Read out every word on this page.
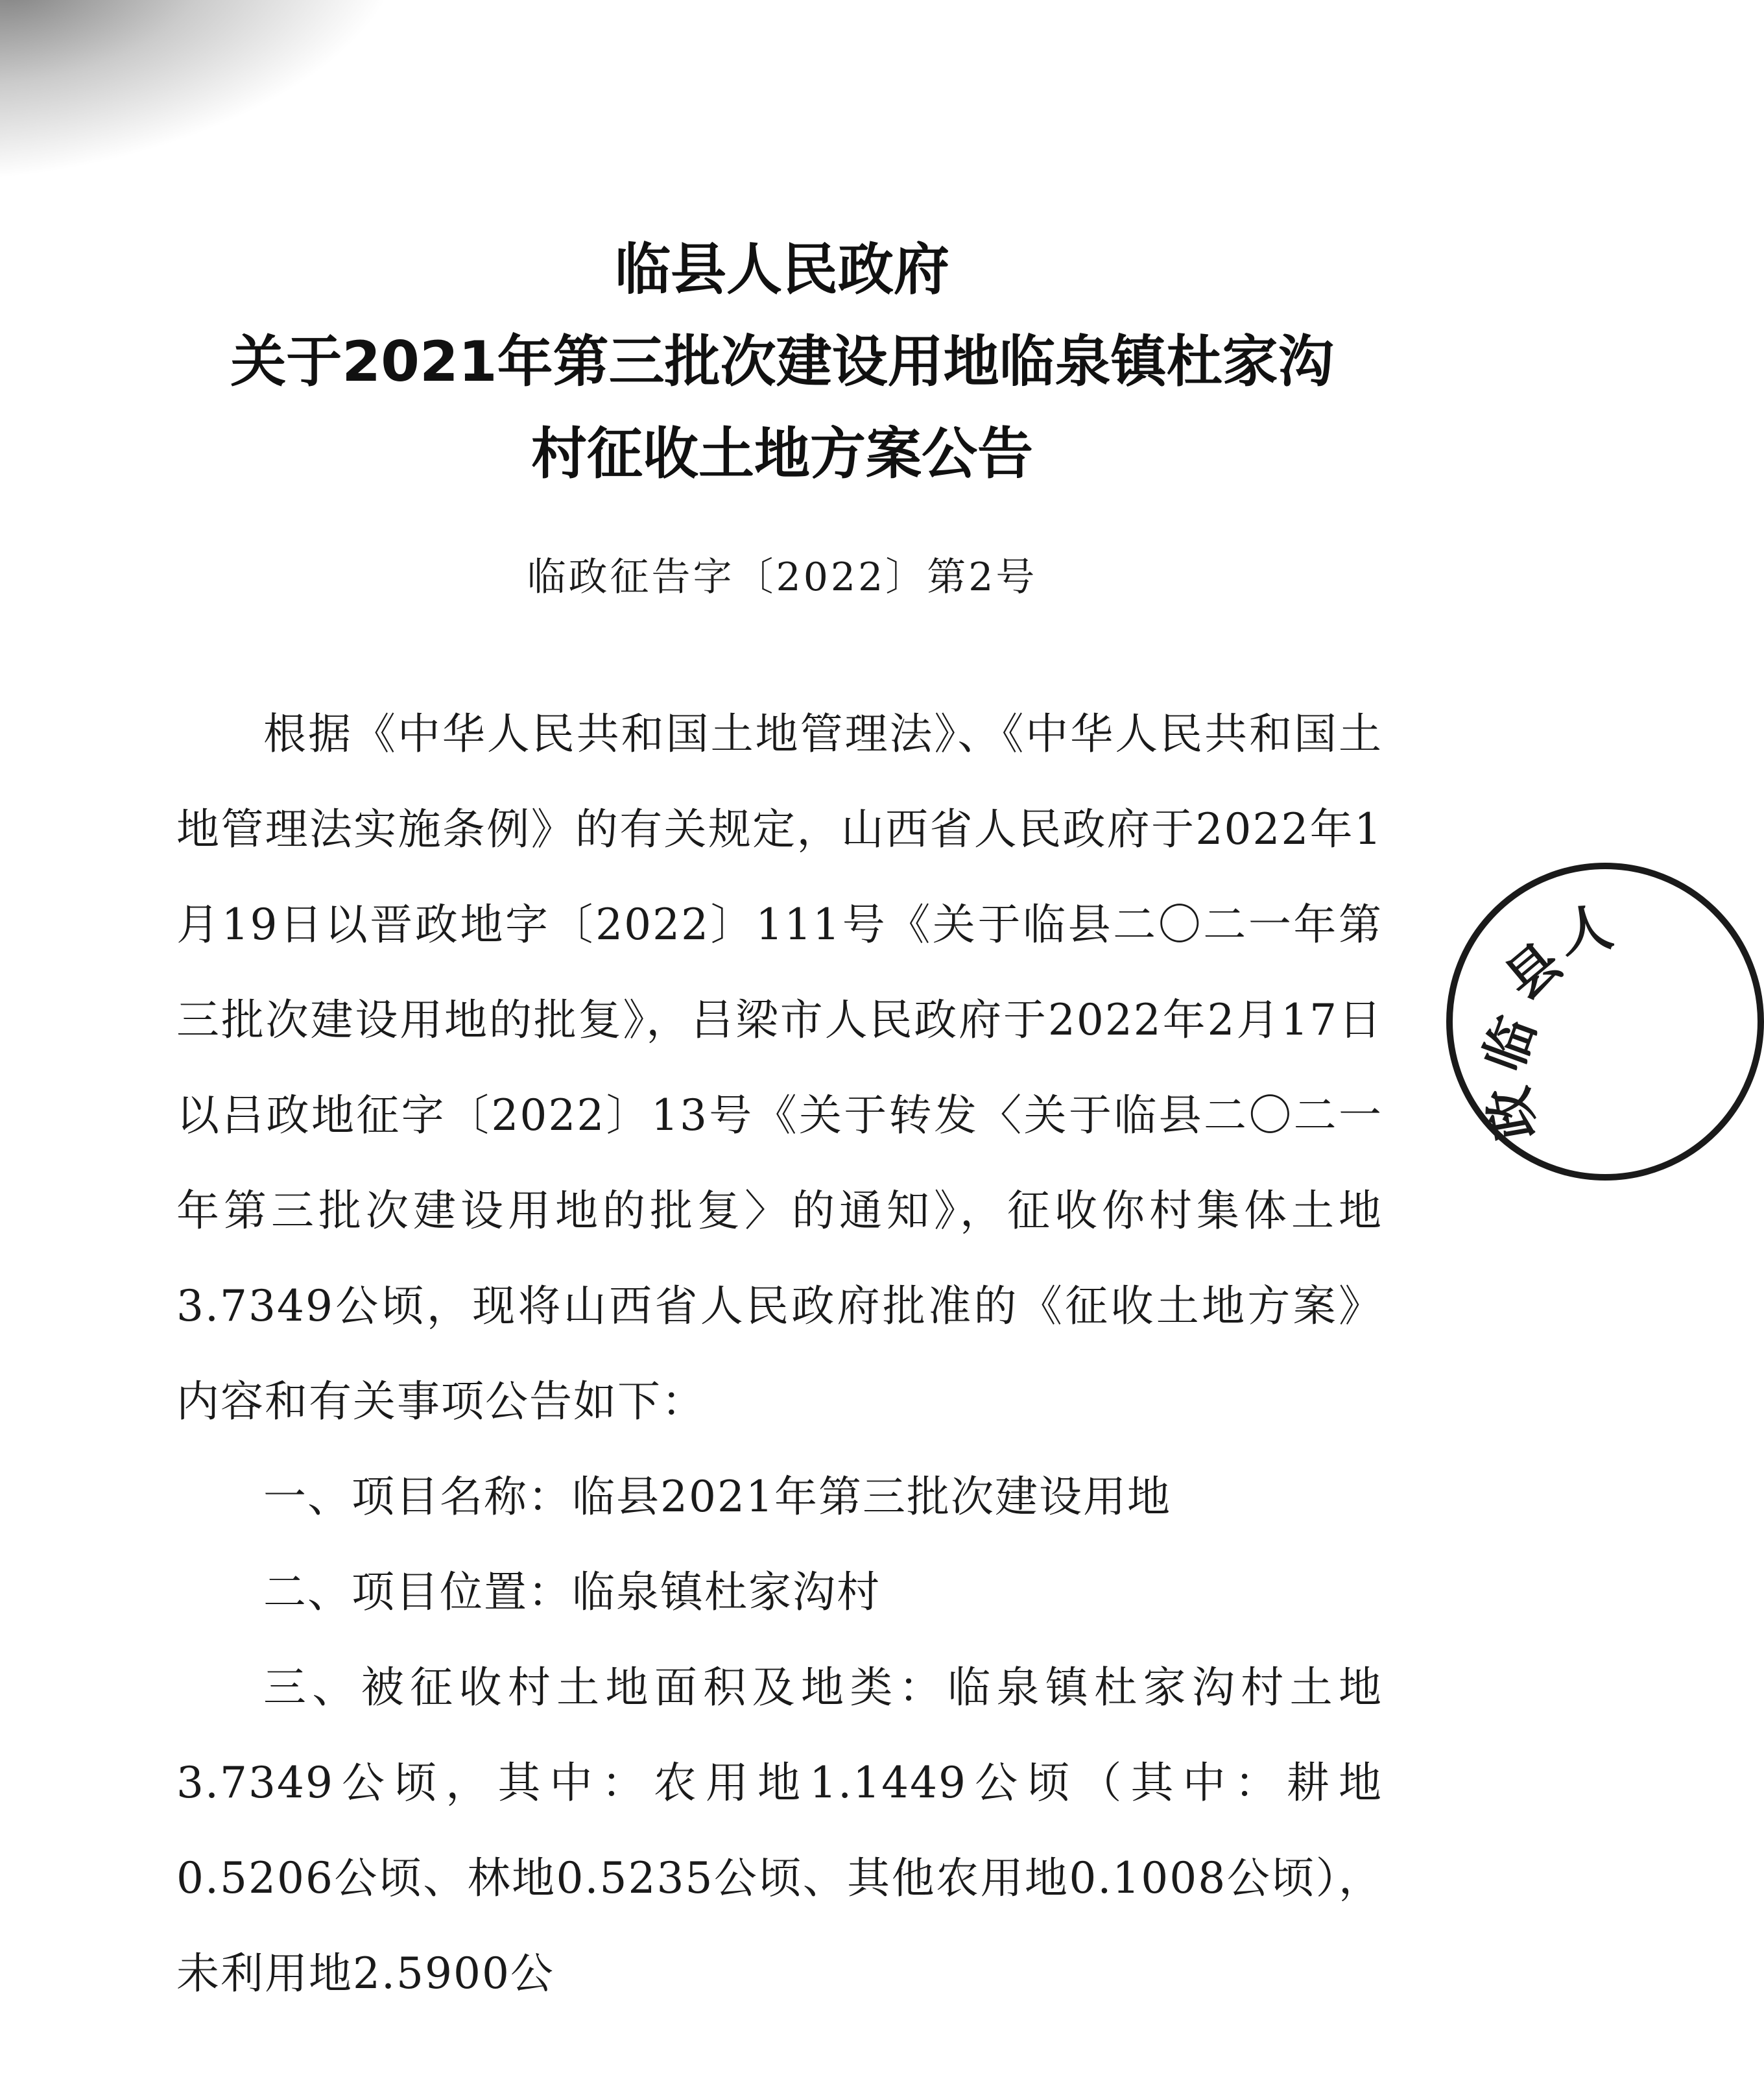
临县人民政府
关于2021年第三批次建设用地临泉镇杜家沟
村征收土地方案公告
临政征告字〔2022〕第2号

根据《中华人民共和国土地管理法》、《中华人民共和国土地管理法实施条例》的有关规定，山西省人民政府于2022年1月19日以晋政地字〔2022〕111号《关于临县二〇二一年第三批次建设用地的批复》，吕梁市人民政府于2022年2月17日以吕政地征字〔2022〕13号《关于转发〈关于临县二〇二一年第三批次建设用地的批复〉的通知》，征收你村集体土地3.7349公顷，现将山西省人民政府批准的《征收土地方案》内容和有关事项公告如下：

一、项目名称：临县2021年第三批次建设用地

二、项目位置：临泉镇杜家沟村

三、被征收村土地面积及地类：临泉镇杜家沟村土地3.7349公顷，其中：农用地1.1449公顷（其中：耕地0.5206公顷、林地0.5235公顷、其他农用地0.1008公顷），未利用地2.5900公

临
县
人
政
